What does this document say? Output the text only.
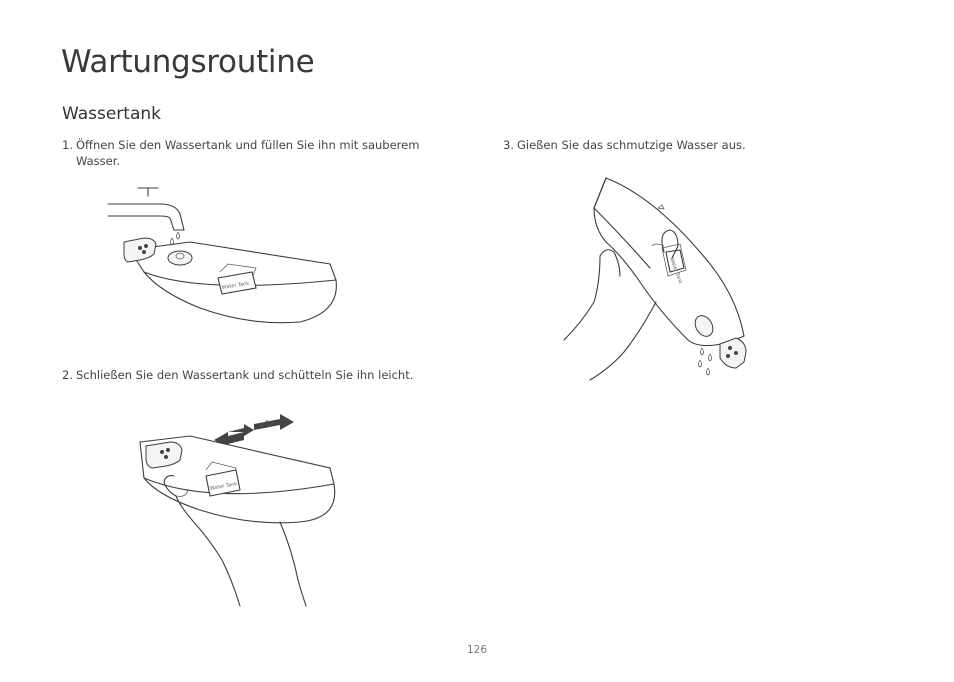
Wartungsroutine
Wassertank
1. Öffnen Sie den Wassertank und füllen Sie ihn mit sauberem Wasser.
Water Tank
2. Schließen Sie den Wassertank und schütteln Sie ihn leicht.
Water Tank
3. Gießen Sie das schmutzige Wasser aus.
Water Tank
126
